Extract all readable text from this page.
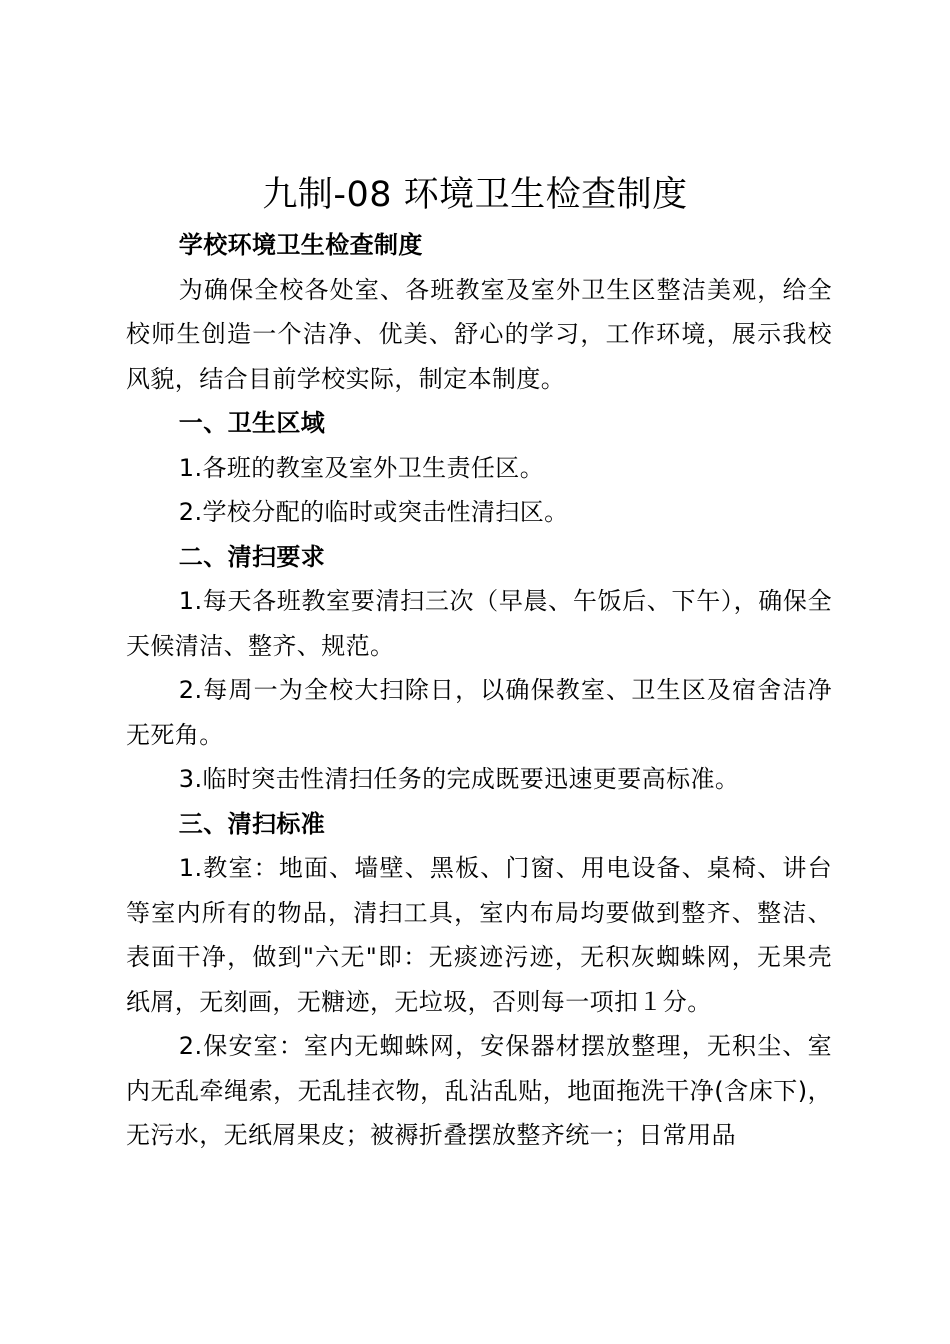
九制-08 环境卫生检查制度

学校环境卫生检查制度

为确保全校各处室、各班教室及室外卫生区整洁美观，给全校师生创造一个洁净、优美、舒心的学习，工作环境，展示我校风貌，结合目前学校实际，制定本制度。

一、卫生区域

1.各班的教室及室外卫生责任区。

2.学校分配的临时或突击性清扫区。

二、清扫要求

1.每天各班教室要清扫三次（早晨、午饭后、下午），确保全天候清洁、整齐、规范。

2.每周一为全校大扫除日，以确保教室、卫生区及宿舍洁净无死角。

3.临时突击性清扫任务的完成既要迅速更要高标准。

三、清扫标准

1.教室：地面、墙壁、黑板、门窗、用电设备、桌椅、讲台等室内所有的物品，清扫工具，室内布局均要做到整齐、整洁、表面干净，做到"六无"即：无痰迹污迹，无积灰蜘蛛网，无果壳纸屑，无刻画，无糖迹，无垃圾，否则每一项扣１分。

2.保安室：室内无蜘蛛网，安保器材摆放整理，无积尘、室内无乱牵绳索，无乱挂衣物，乱沾乱贴，地面拖洗干净(含床下)，无污水，无纸屑果皮；被褥折叠摆放整齐统一；日常用品
